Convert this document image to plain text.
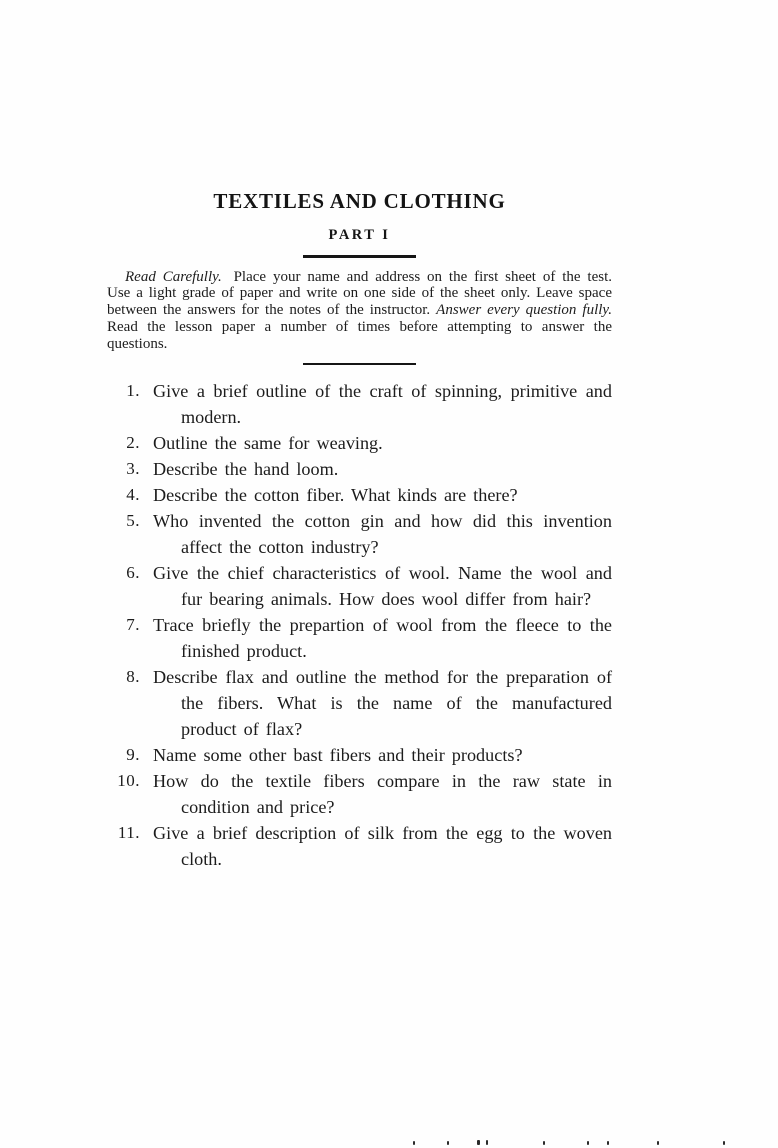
TEXTILES AND CLOTHING
PART I

Read Carefully. Place your name and address on the first sheet of the test. Use a light grade of paper and write on one side of the sheet only. Leave space between the answers for the notes of the instructor. Answer every question fully. Read the lesson paper a number of times before attempting to answer the questions.

1. Give a brief outline of the craft of spinning, primitive and modern.
2. Outline the same for weaving.
3. Describe the hand loom.
4. Describe the cotton fiber. What kinds are there?
5. Who invented the cotton gin and how did this invention affect the cotton industry?
6. Give the chief characteristics of wool. Name the wool and fur bearing animals. How does wool differ from hair?
7. Trace briefly the prepartion of wool from the fleece to the finished product.
8. Describe flax and outline the method for the preparation of the fibers. What is the name of the manufactured product of flax?
9. Name some other bast fibers and their products?
10. How do the textile fibers compare in the raw state in condition and price?
11. Give a brief description of silk from the egg to the woven cloth.
